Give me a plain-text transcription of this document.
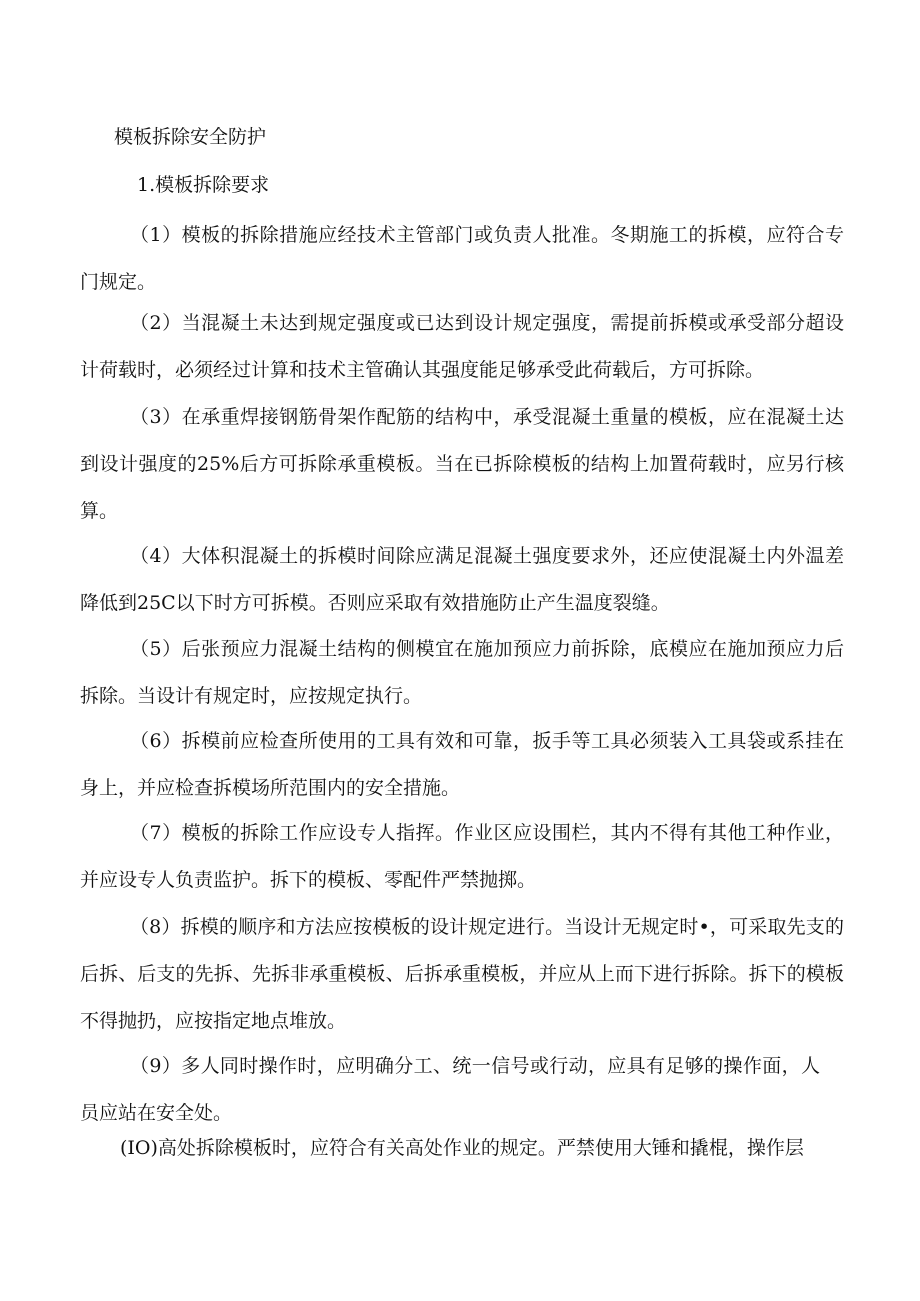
模板拆除安全防护
1.模板拆除要求

（1）模板的拆除措施应经技术主管部门或负责人批准。冬期施工的拆模，应符合专门规定。

（2）当混凝土未达到规定强度或已达到设计规定强度，需提前拆模或承受部分超设计荷载时，必须经过计算和技术主管确认其强度能足够承受此荷载后，方可拆除。

（3）在承重焊接钢筋骨架作配筋的结构中，承受混凝土重量的模板，应在混凝土达到设计强度的25%后方可拆除承重模板。当在已拆除模板的结构上加置荷载时，应另行核算。

（4）大体积混凝土的拆模时间除应满足混凝土强度要求外，还应使混凝土内外温差降低到25C以下时方可拆模。否则应采取有效措施防止产生温度裂缝。

（5）后张预应力混凝土结构的侧模宜在施加预应力前拆除，底模应在施加预应力后拆除。当设计有规定时，应按规定执行。

（6）拆模前应检查所使用的工具有效和可靠，扳手等工具必须装入工具袋或系挂在身上，并应检查拆模场所范围内的安全措施。

（7）模板的拆除工作应设专人指挥。作业区应设围栏，其内不得有其他工种作业，并应设专人负责监护。拆下的模板、零配件严禁抛掷。

（8）拆模的顺序和方法应按模板的设计规定进行。当设计无规定时•，可采取先支的后拆、后支的先拆、先拆非承重模板、后拆承重模板，并应从上而下进行拆除。拆下的模板不得抛扔，应按指定地点堆放。

（9）多人同时操作时，应明确分工、统一信号或行动，应具有足够的操作面，人员应站在安全处。

(IO)高处拆除模板时，应符合有关高处作业的规定。严禁使用大锤和撬棍，操作层
